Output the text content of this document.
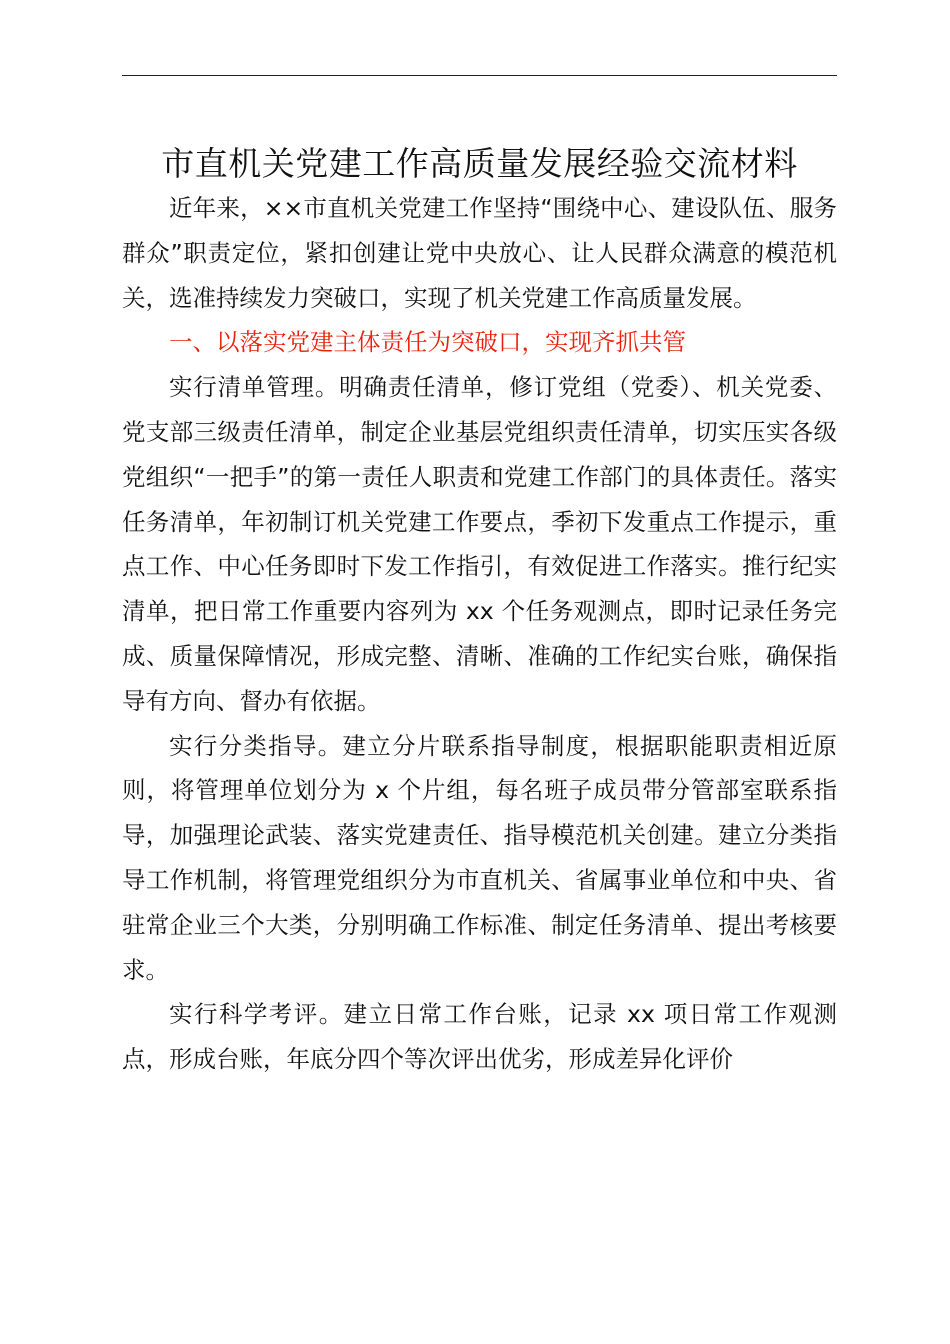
市直机关党建工作高质量发展经验交流材料

近年来，××市直机关党建工作坚持“围绕中心、建设队伍、服务群众”职责定位，紧扣创建让党中央放心、让人民群众满意的模范机关，选准持续发力突破口，实现了机关党建工作高质量发展。

一、以落实党建主体责任为突破口，实现齐抓共管

实行清单管理。明确责任清单，修订党组（党委）、机关党委、党支部三级责任清单，制定企业基层党组织责任清单，切实压实各级党组织“一把手”的第一责任人职责和党建工作部门的具体责任。落实任务清单，年初制订机关党建工作要点，季初下发重点工作提示，重点工作、中心任务即时下发工作指引，有效促进工作落实。推行纪实清单，把日常工作重要内容列为 xx 个任务观测点，即时记录任务完成、质量保障情况，形成完整、清晰、准确的工作纪实台账，确保指导有方向、督办有依据。

实行分类指导。建立分片联系指导制度，根据职能职责相近原则，将管理单位划分为 x 个片组，每名班子成员带分管部室联系指导，加强理论武装、落实党建责任、指导模范机关创建。建立分类指导工作机制，将管理党组织分为市直机关、省属事业单位和中央、省驻常企业三个大类，分别明确工作标准、制定任务清单、提出考核要求。

实行科学考评。建立日常工作台账，记录 xx 项日常工作观测点，形成台账，年底分四个等次评出优劣，形成差异化评价
